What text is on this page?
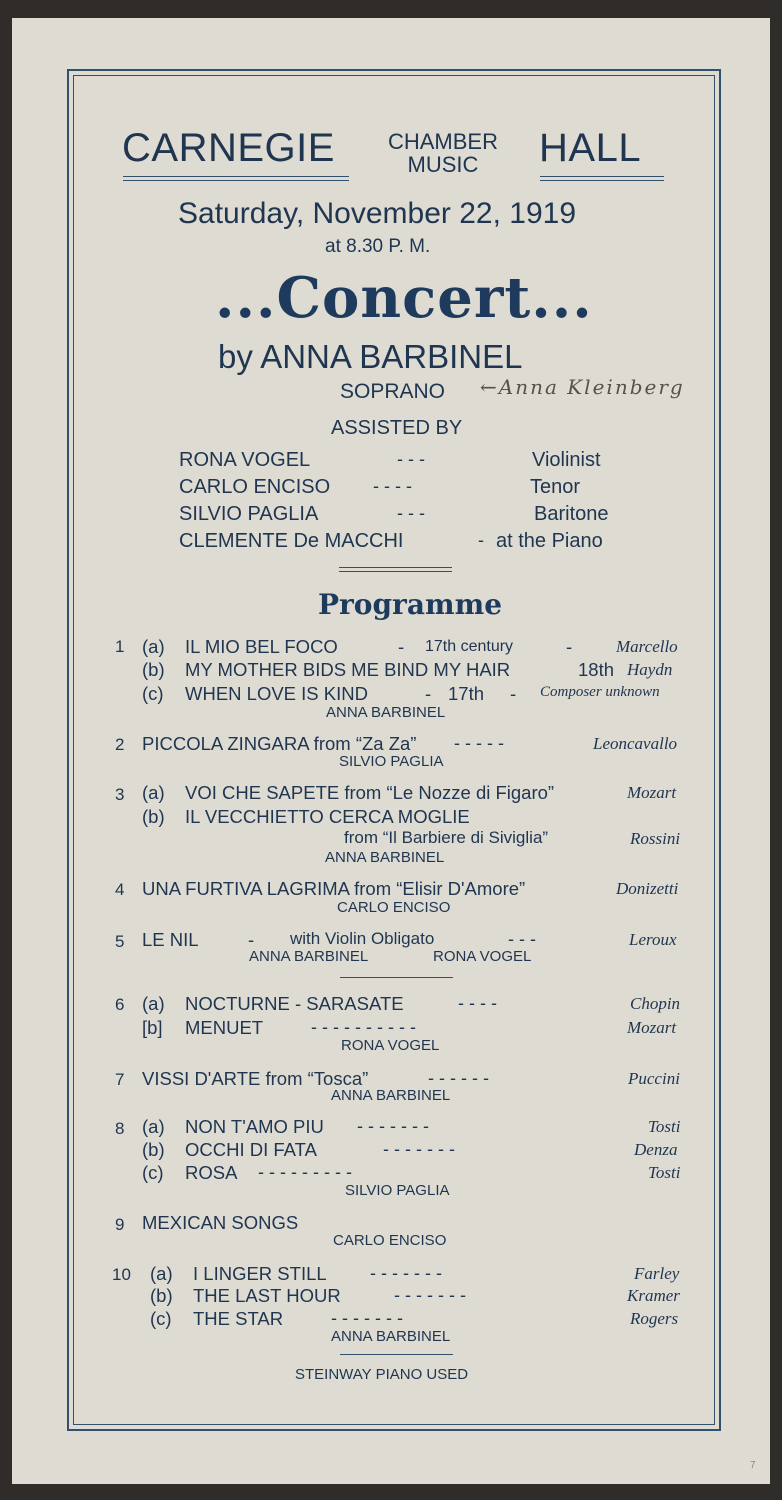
CARNEGIE	CHAMBER
MUSIC	HALL
Saturday, November 22, 1919
at 8.30 P. M.
...Concert...
by ANNA BARBINEL
SOPRANO ←Anna Kleinberg
ASSISTED BY
RONA VOGEL	- - -	Violinist
CARLO ENCISO - - - -	Tenor
SILVIO PAGLIA	- - -	Baritone
CLEMENTE De MACCHI	- at the Piano
Programme
1 (a) IL MIO BEL FOCO	- 17th century	-	Marcello
(b) MY MOTHER BIDS ME BIND MY HAIR	18th Haydn
(c) WHEN LOVE IS KIND	- 17th - Composer unknown
ANNA BARBINEL
2 PICCOLA ZINGARA from “Za Za” - - - - -	Leoncavallo
SILVIO PAGLIA
3 (a) VOI CHE SAPETE from “Le Nozze di Figaro”	Mozart
(b) IL VECCHIETTO CERCA MOGLIE
from “Il Barbiere di Siviglia”	Rossini
ANNA BARBINEL
4 UNA FURTIVA LAGRIMA from “Elisir D'Amore”	Donizetti
CARLO ENCISO
5 LE NIL	- with Violin Obligato	- - -	Leroux
ANNA BARBINEL	RONA VOGEL
6 (a) NOCTURNE - SARASATE	- - - -	Chopin
[b] MENUET	- - - - - - - - - -	Mozart
RONA VOGEL
7 VISSI D'ARTE from “Tosca”	- - - - - -	Puccini
ANNA BARBINEL
8 (a) NON T'AMO PIU - - - - - - -	Tosti
(b) OCCHI DI FATA	- - - - - - -	Denza
(c) ROSA - - - - - - - - -	Tosti
SILVIO PAGLIA
9 MEXICAN SONGS
CARLO ENCISO
10 (a) I LINGER STILL - - - - - - -	Farley
(b) THE LAST HOUR	- - - - - - -	Kramer
(c) THE STAR	- - - - - - -	Rogers
ANNA BARBINEL
STEINWAY PIANO USED
7
